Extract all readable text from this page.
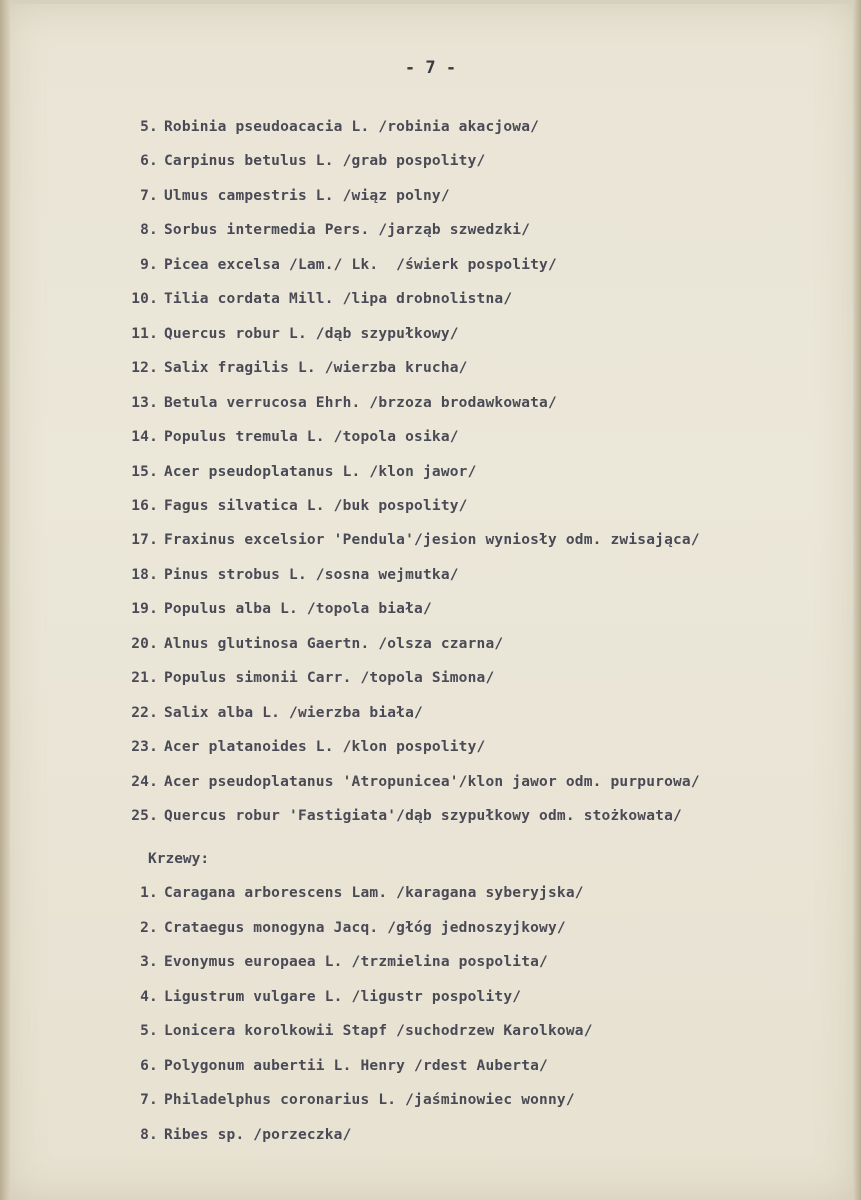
- 7 -
5. Robinia pseudoacacia L. /robinia akacjowa/
6. Carpinus betulus L. /grab pospolity/
7. Ulmus campestris L. /wiąz polny/
8. Sorbus intermedia Pers. /jarząb szwedzki/
9. Picea excelsa /Lam./ Lk.  /świerk pospolity/
10. Tilia cordata Mill. /lipa drobnolistna/
11. Quercus robur L. /dąb szypułkowy/
12. Salix fragilis L. /wierzba krucha/
13. Betula verrucosa Ehrh. /brzoza brodawkowata/
14. Populus tremula L. /topola osika/
15. Acer pseudoplatanus L. /klon jawor/
16. Fagus silvatica L. /buk pospolity/
17. Fraxinus excelsior 'Pendula'/jesion wyniosły odm. zwisająca/
18. Pinus strobus L. /sosna wejmutka/
19. Populus alba L. /topola biała/
20. Alnus glutinosa Gaertn. /olsza czarna/
21. Populus simonii Carr. /topola Simona/
22. Salix alba L. /wierzba biała/
23. Acer platanoides L. /klon pospolity/
24. Acer pseudoplatanus 'Atropunicea'/klon jawor odm. purpurowa/
25. Quercus robur 'Fastigiata'/dąb szypułkowy odm. stożkowata/
Krzewy:
1. Caragana arborescens Lam. /karagana syberyjska/
2. Crataegus monogyna Jacq. /głóg jednoszyjkowy/
3. Evonymus europaea L. /trzmielina pospolita/
4. Ligustrum vulgare L. /ligustr pospolity/
5. Lonicera korolkowii Stapf /suchodrzew Karolkowa/
6. Polygonum aubertii L. Henry /rdest Auberta/
7. Philadelphus coronarius L. /jaśminowiec wonny/
8. Ribes sp. /porzeczka/
